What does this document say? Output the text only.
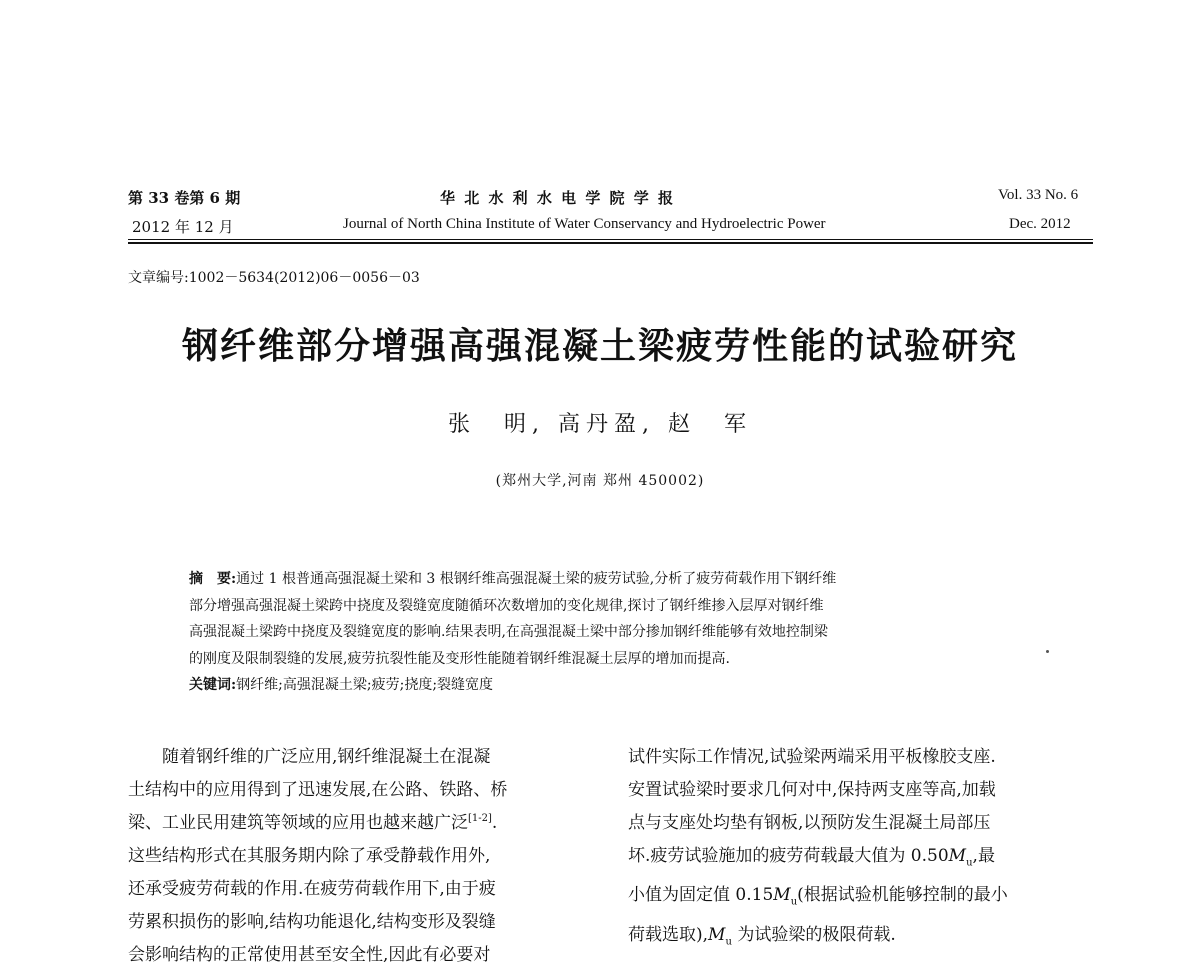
第 33 卷第 6 期	华 北 水 利 水 电 学 院 学 报	Vol. 33 No. 6
2012 年 12 月	Journal of North China Institute of Water Conservancy and Hydroelectric Power	Dec. 2012
文章编号:1002－5634(2012)06－0056－03
钢纤维部分增强高强混凝土梁疲劳性能的试验研究
张　明, 高丹盈, 赵　军
(郑州大学,河南 郑州 450002)
摘　要:通过 1 根普通高强混凝土梁和 3 根钢纤维高强混凝土梁的疲劳试验,分析了疲劳荷载作用下钢纤维
部分增强高强混凝土梁跨中挠度及裂缝宽度随循环次数增加的变化规律,探讨了钢纤维掺入层厚对钢纤维
高强混凝土梁跨中挠度及裂缝宽度的影响.结果表明,在高强混凝土梁中部分掺加钢纤维能够有效地控制梁
的刚度及限制裂缝的发展,疲劳抗裂性能及变形性能随着钢纤维混凝土层厚的增加而提高.
关键词:钢纤维;高强混凝土梁;疲劳;挠度;裂缝宽度
　　随着钢纤维的广泛应用,钢纤维混凝土在混凝
土结构中的应用得到了迅速发展,在公路、铁路、桥
梁、工业民用建筑等领域的应用也越来越广泛[1-2].
这些结构形式在其服务期内除了承受静载作用外,
还承受疲劳荷载的作用.在疲劳荷载作用下,由于疲
劳累积损伤的影响,结构功能退化,结构变形及裂缝
会影响结构的正常使用甚至安全性,因此有必要对
试件实际工作情况,试验梁两端采用平板橡胶支座.
安置试验梁时要求几何对中,保持两支座等高,加载
点与支座处均垫有钢板,以预防发生混凝土局部压
坏.疲劳试验施加的疲劳荷载最大值为 $0.50M_u$,最
小值为固定值 $0.15M_u$(根据试验机能够控制的最小
荷载选取)$,M_u$ 为试验梁的极限荷载.
